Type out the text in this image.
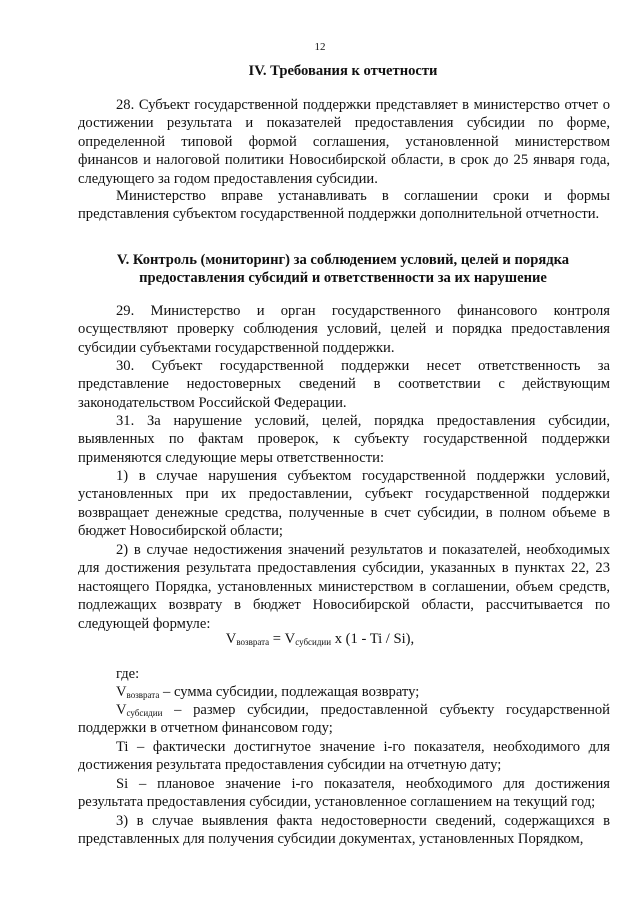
12
IV. Требования к отчетности
28. Субъект государственной поддержки представляет в министерство отчет о достижении результата и показателей предоставления субсидии по форме, определенной типовой формой соглашения, установленной министерством финансов и налоговой политики Новосибирской области, в срок до 25 января года, следующего за годом предоставления субсидии.
Министерство вправе устанавливать в соглашении сроки и формы представления субъектом государственной поддержки дополнительной отчетности.
V. Контроль (мониторинг) за соблюдением условий, целей и порядка
предоставления субсидий и ответственности за их нарушение
29. Министерство и орган государственного финансового контроля осуществляют проверку соблюдения условий, целей и порядка предоставления субсидии субъектами государственной поддержки.
30. Субъект государственной поддержки несет ответственность за представление недостоверных сведений в соответствии с действующим законодательством Российской Федерации.
31. За нарушение условий, целей, порядка предоставления субсидии, выявленных по фактам проверок, к субъекту государственной поддержки применяются следующие меры ответственности:
1) в случае нарушения субъектом государственной поддержки условий, установленных при их предоставлении, субъект государственной поддержки возвращает денежные средства, полученные в счет субсидии, в полном объеме в бюджет Новосибирской области;
2) в случае недостижения значений результатов и показателей, необходимых для достижения результата предоставления субсидии, указанных в пунктах 22, 23 настоящего Порядка, установленных министерством в соглашении, объем средств, подлежащих возврату в бюджет Новосибирской области, рассчитывается по следующей формуле:
$V_{возврата} = V_{субсидии}$ x (1 - Ti / Si),
где:
$V_{возврата}$ – сумма субсидии, подлежащая возврату;
$V_{субсидии}$ – размер субсидии, предоставленной субъекту государственной поддержки в отчетном финансовом году;
Ti – фактически достигнутое значение i-го показателя, необходимого для достижения результата предоставления субсидии на отчетную дату;
Si – плановое значение i-го показателя, необходимого для достижения результата предоставления субсидии, установленное соглашением на текущий год;
3) в случае выявления факта недостоверности сведений, содержащихся в представленных для получения субсидии документах, установленных Порядком,
